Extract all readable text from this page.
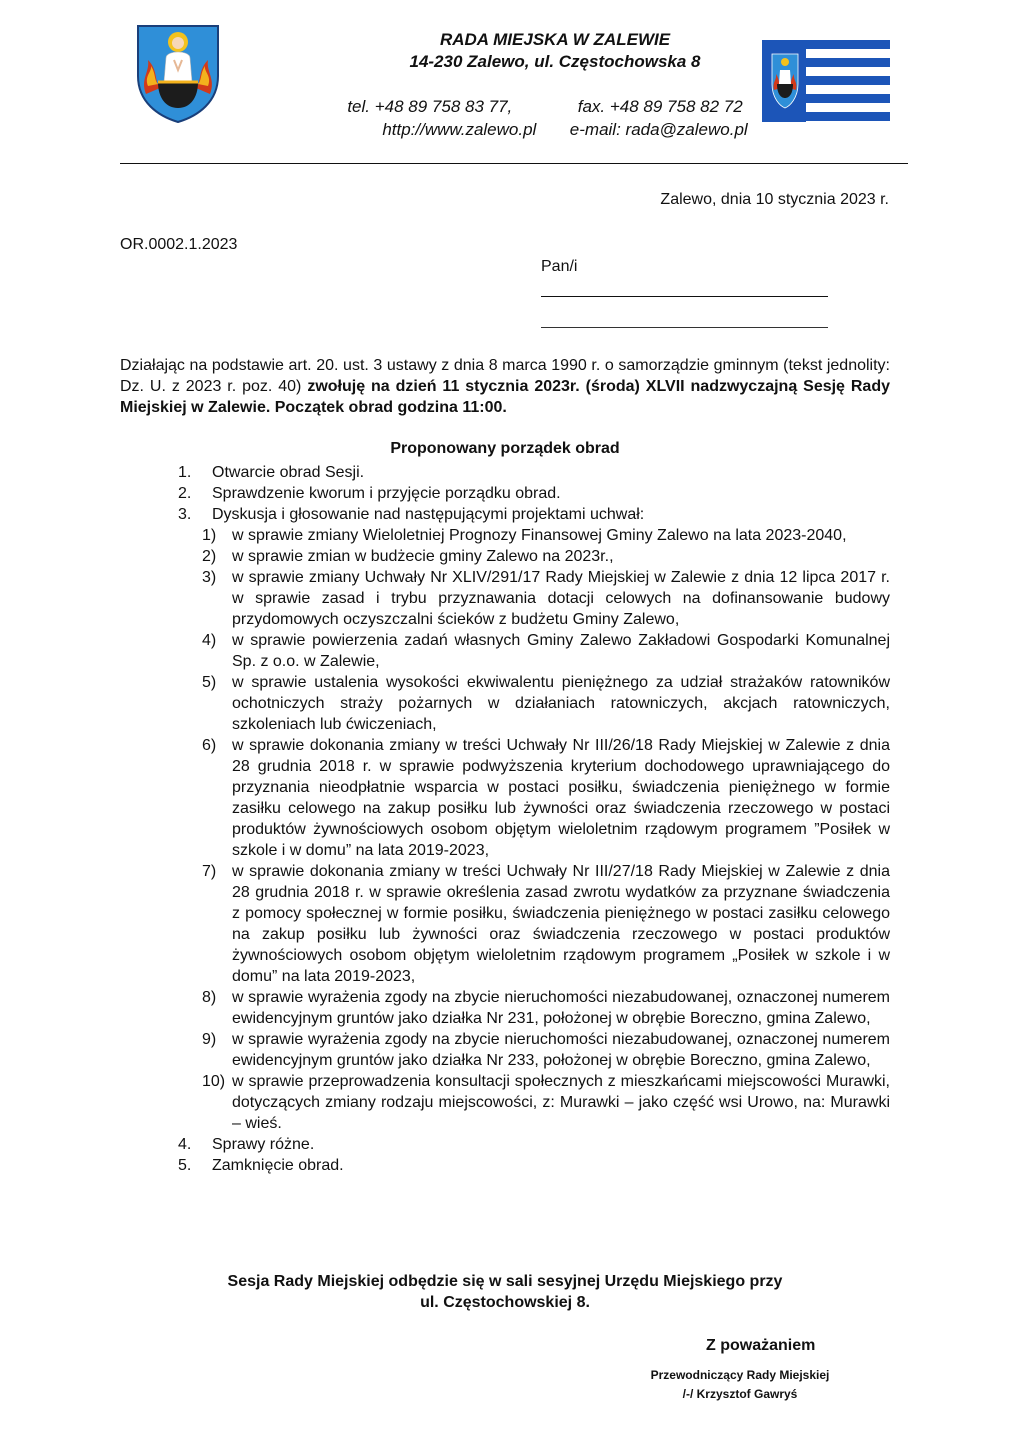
RADA MIEJSKA W ZALEWIE
14-230 Zalewo, ul. Częstochowska 8
tel. +48 89 758 83 77,	fax. +48 89 758 82 72
http://www.zalewo.pl e-mail: rada@zalewo.pl
Zalewo, dnia 10 stycznia 2023 r.
OR.0002.1.2023
Pan/i
Działając na podstawie art. 20. ust. 3 ustawy z dnia 8 marca 1990 r. o samorządzie gminnym (tekst jednolity: Dz. U. z 2023 r. poz. 40) zwołuję na dzień 11 stycznia 2023r. (środa) XLVII nadzwyczajną Sesję Rady Miejskiej w Zalewie. Początek obrad godzina 11:00.
Proponowany porządek obrad
1.	Otwarcie obrad Sesji.
2.	Sprawdzenie kworum i przyjęcie porządku obrad.
3.	Dyskusja i głosowanie nad następującymi projektami uchwał:
1) w sprawie zmiany Wieloletniej Prognozy Finansowej Gminy Zalewo na lata 2023-2040,
2) w sprawie zmian w budżecie gminy Zalewo na 2023r.,
3) w sprawie zmiany Uchwały Nr XLIV/291/17 Rady Miejskiej w Zalewie z dnia 12 lipca 2017 r. w sprawie zasad i trybu przyznawania dotacji celowych na dofinansowanie budowy przydomowych oczyszczalni ścieków z budżetu Gminy Zalewo,
4) w sprawie powierzenia zadań własnych Gminy Zalewo Zakładowi Gospodarki Komunalnej Sp. z o.o. w Zalewie,
5) w sprawie ustalenia wysokości ekwiwalentu pieniężnego za udział strażaków ratowników ochotniczych straży pożarnych w działaniach ratowniczych, akcjach ratowniczych, szkoleniach lub ćwiczeniach,
6) w sprawie dokonania zmiany w treści Uchwały Nr III/26/18 Rady Miejskiej w Zalewie z dnia 28 grudnia 2018 r. w sprawie podwyższenia kryterium dochodowego uprawniającego do przyznania nieodpłatnie wsparcia w postaci posiłku, świadczenia pieniężnego w formie zasiłku celowego na zakup posiłku lub żywności oraz świadczenia rzeczowego w postaci produktów żywnościowych osobom objętym wieloletnim rządowym programem ”Posiłek w szkole i w domu” na lata 2019-2023,
7) w sprawie dokonania zmiany w treści Uchwały Nr III/27/18 Rady Miejskiej w Zalewie z dnia 28 grudnia 2018 r. w sprawie określenia zasad zwrotu wydatków za przyznane świadczenia z pomocy społecznej w formie posiłku, świadczenia pieniężnego w postaci zasiłku celowego na zakup posiłku lub żywności oraz świadczenia rzeczowego w postaci produktów żywnościowych osobom objętym wieloletnim rządowym programem „Posiłek w szkole i w domu” na lata 2019-2023,
8) w sprawie wyrażenia zgody na zbycie nieruchomości niezabudowanej, oznaczonej numerem ewidencyjnym gruntów jako działka Nr 231, położonej w obrębie Boreczno, gmina Zalewo,
9) w sprawie wyrażenia zgody na zbycie nieruchomości niezabudowanej, oznaczonej numerem ewidencyjnym gruntów jako działka Nr 233, położonej w obrębie Boreczno, gmina Zalewo,
10) w sprawie przeprowadzenia konsultacji społecznych z mieszkańcami miejscowości Murawki, dotyczących zmiany rodzaju miejscowości, z: Murawki – jako część wsi Urowo, na: Murawki – wieś.
4.	Sprawy różne.
5.	Zamknięcie obrad.
Sesja Rady Miejskiej odbędzie się w sali sesyjnej Urzędu Miejskiego przy
ul. Częstochowskiej 8.
Z poważaniem
Przewodniczący Rady Miejskiej
/-/ Krzysztof Gawryś
